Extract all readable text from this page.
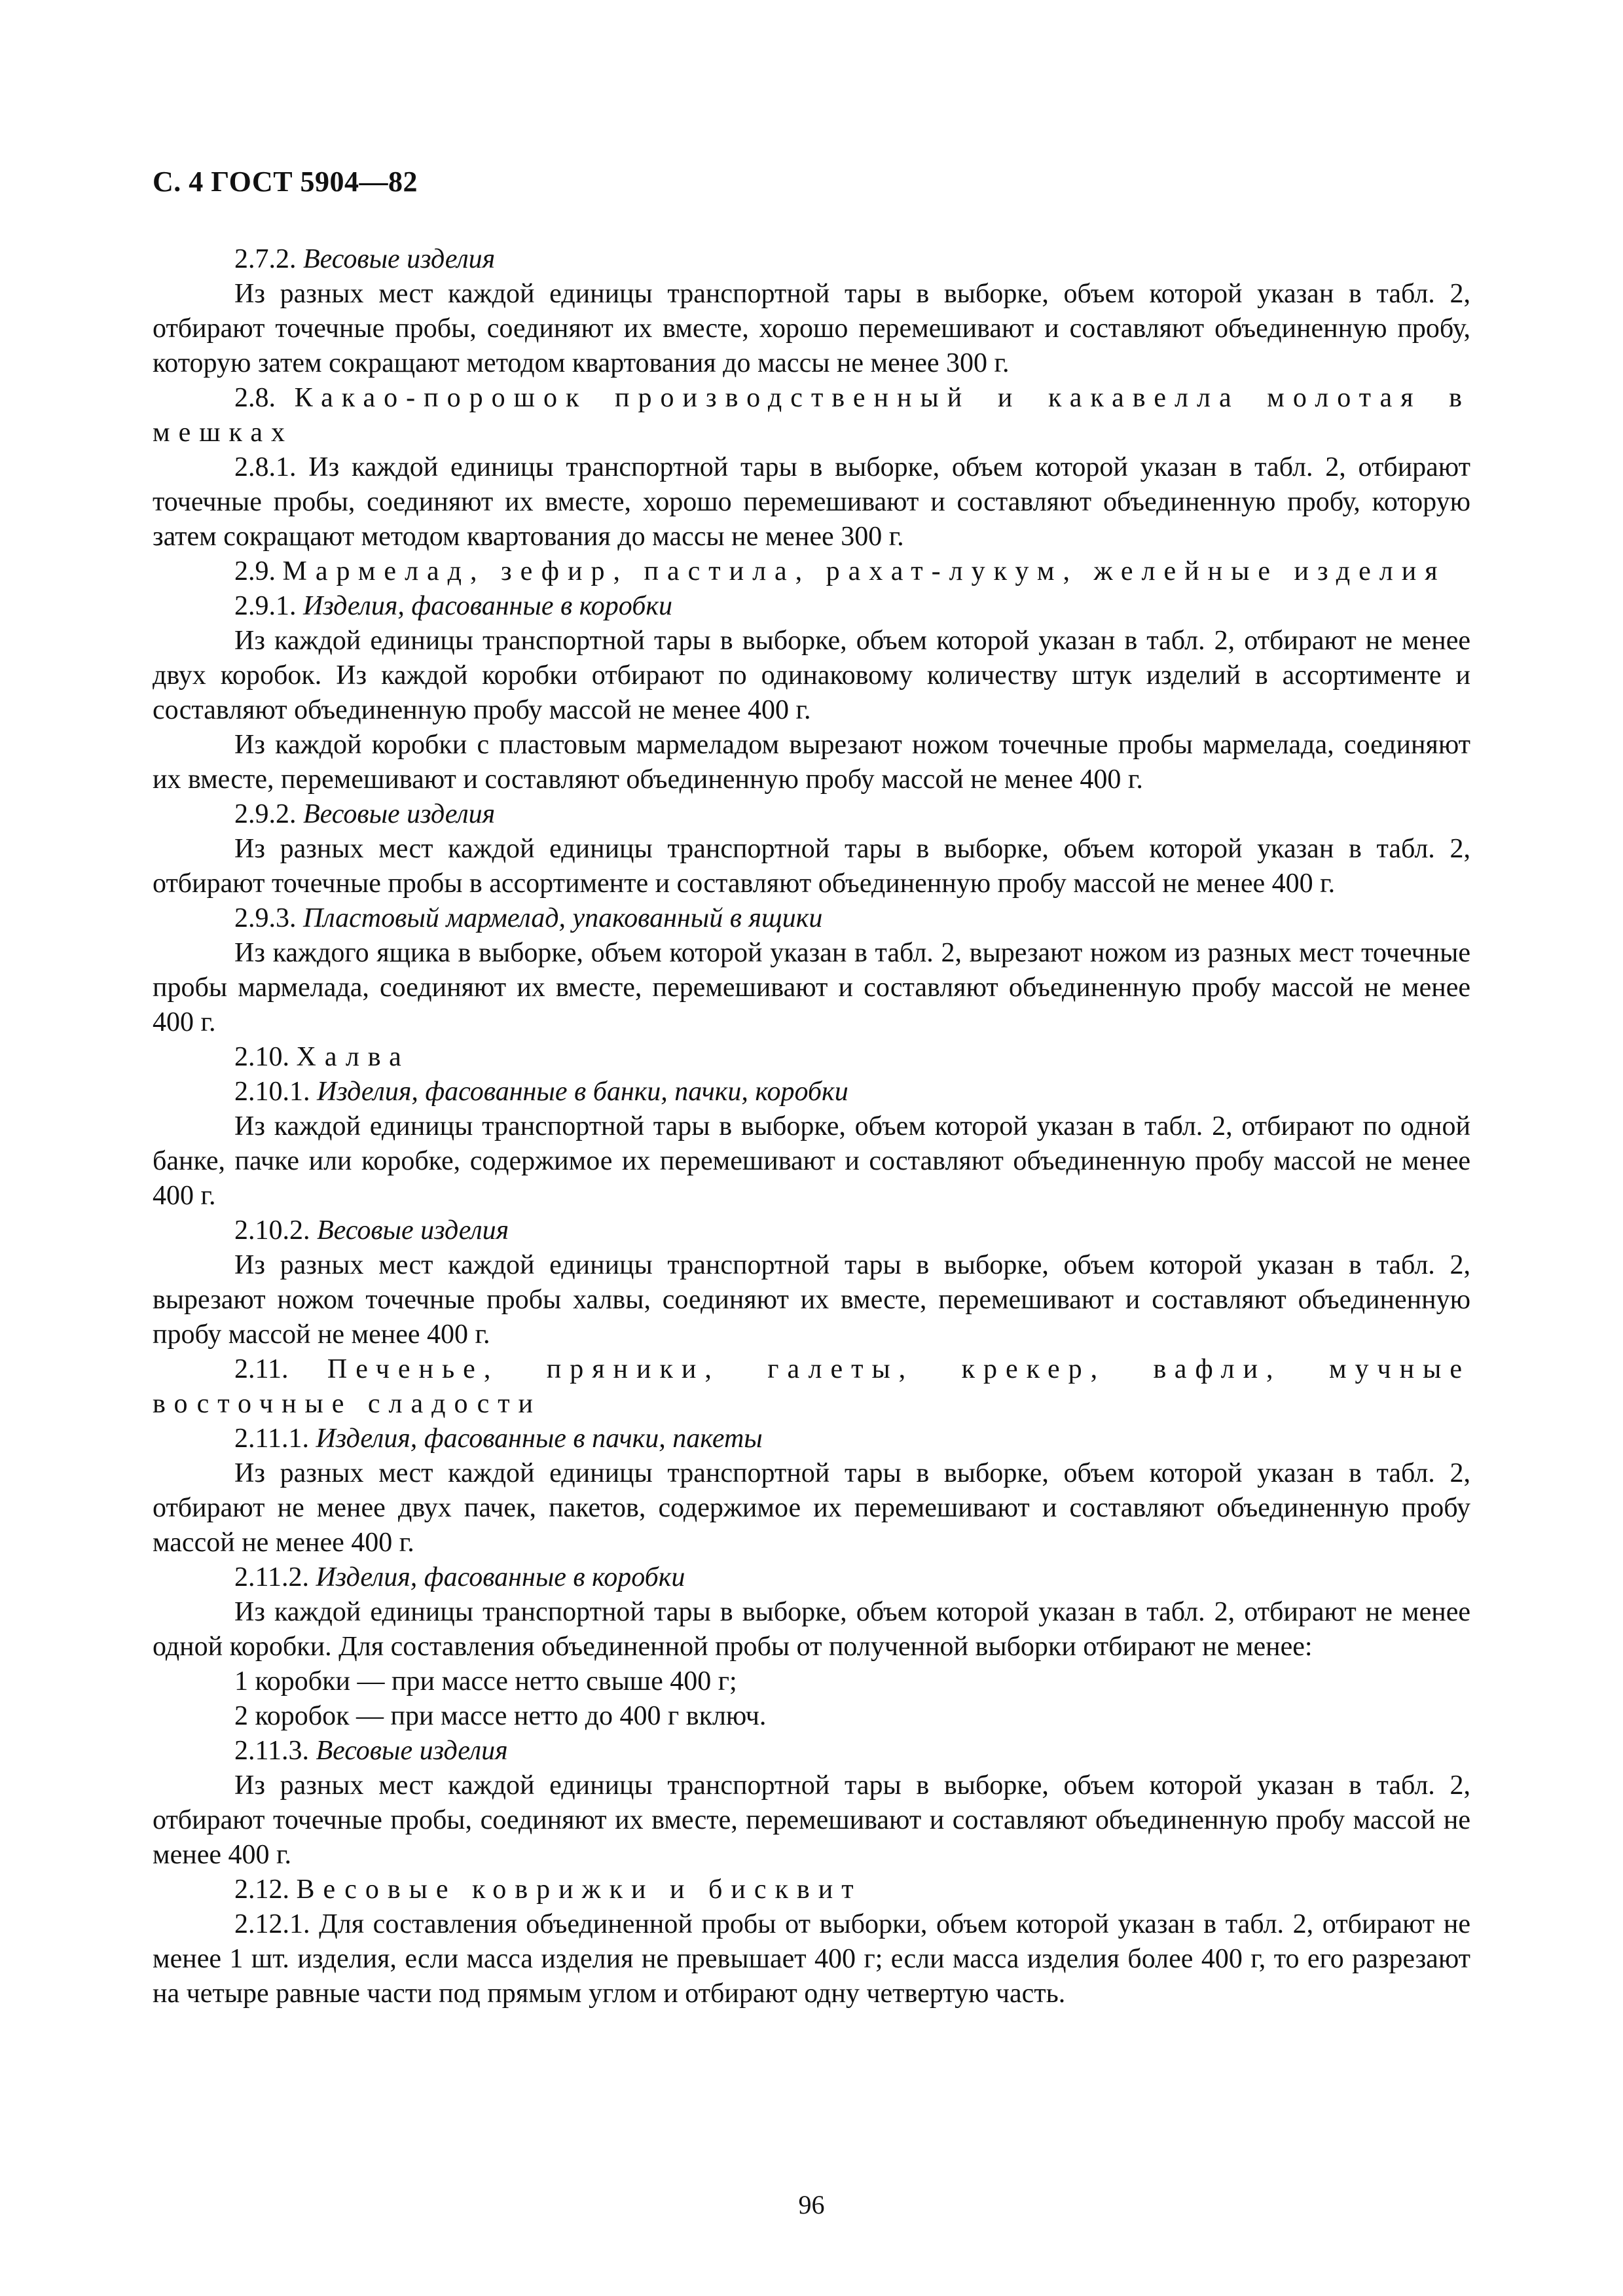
С. 4 ГОСТ 5904—82

2.7.2. Весовые изделия

Из разных мест каждой единицы транспортной тары в выборке, объем которой указан в табл. 2, отбирают точечные пробы, соединяют их вместе, хорошо перемешивают и составляют объединенную пробу, которую затем сокращают методом квартования до массы не менее 300 г.

2.8. Какао-порошок производственный и какавелла молотая в мешках

2.8.1. Из каждой единицы транспортной тары в выборке, объем которой указан в табл. 2, отбирают точечные пробы, соединяют их вместе, хорошо перемешивают и составляют объединенную пробу, которую затем сокращают методом квартования до массы не менее 300 г.

2.9. Мармелад, зефир, пастила, рахат-лукум, желейные изделия

2.9.1. Изделия, фасованные в коробки

Из каждой единицы транспортной тары в выборке, объем которой указан в табл. 2, отбирают не менее двух коробок. Из каждой коробки отбирают по одинаковому количеству штук изделий в ассортименте и составляют объединенную пробу массой не менее 400 г.

Из каждой коробки с пластовым мармеладом вырезают ножом точечные пробы мармелада, соединяют их вместе, перемешивают и составляют объединенную пробу массой не менее 400 г.

2.9.2. Весовые изделия

Из разных мест каждой единицы транспортной тары в выборке, объем которой указан в табл. 2, отбирают точечные пробы в ассортименте и составляют объединенную пробу массой не менее 400 г.

2.9.3. Пластовый мармелад, упакованный в ящики

Из каждого ящика в выборке, объем которой указан в табл. 2, вырезают ножом из разных мест точечные пробы мармелада, соединяют их вместе, перемешивают и составляют объединенную пробу массой не менее 400 г.

2.10. Халва

2.10.1. Изделия, фасованные в банки, пачки, коробки

Из каждой единицы транспортной тары в выборке, объем которой указан в табл. 2, отбирают по одной банке, пачке или коробке, содержимое их перемешивают и составляют объединенную пробу массой не менее 400 г.

2.10.2. Весовые изделия

Из разных мест каждой единицы транспортной тары в выборке, объем которой указан в табл. 2, вырезают ножом точечные пробы халвы, соединяют их вместе, перемешивают и составляют объединенную пробу массой не менее 400 г.

2.11. Печенье, пряники, галеты, крекер, вафли, мучные восточные сладости

2.11.1. Изделия, фасованные в пачки, пакеты

Из разных мест каждой единицы транспортной тары в выборке, объем которой указан в табл. 2, отбирают не менее двух пачек, пакетов, содержимое их перемешивают и составляют объединенную пробу массой не менее 400 г.

2.11.2. Изделия, фасованные в коробки

Из каждой единицы транспортной тары в выборке, объем которой указан в табл. 2, отбирают не менее одной коробки. Для составления объединенной пробы от полученной выборки отбирают не менее:

1 коробки — при массе нетто свыше 400 г;

2 коробок — при массе нетто до 400 г включ.

2.11.3. Весовые изделия

Из разных мест каждой единицы транспортной тары в выборке, объем которой указан в табл. 2, отбирают точечные пробы, соединяют их вместе, перемешивают и составляют объединенную пробу массой не менее 400 г.

2.12. Весовые коврижки и бисквит

2.12.1. Для составления объединенной пробы от выборки, объем которой указан в табл. 2, отбирают не менее 1 шт. изделия, если масса изделия не превышает 400 г; если масса изделия более 400 г, то его разрезают на четыре равные части под прямым углом и отбирают одну четвертую часть.

96
